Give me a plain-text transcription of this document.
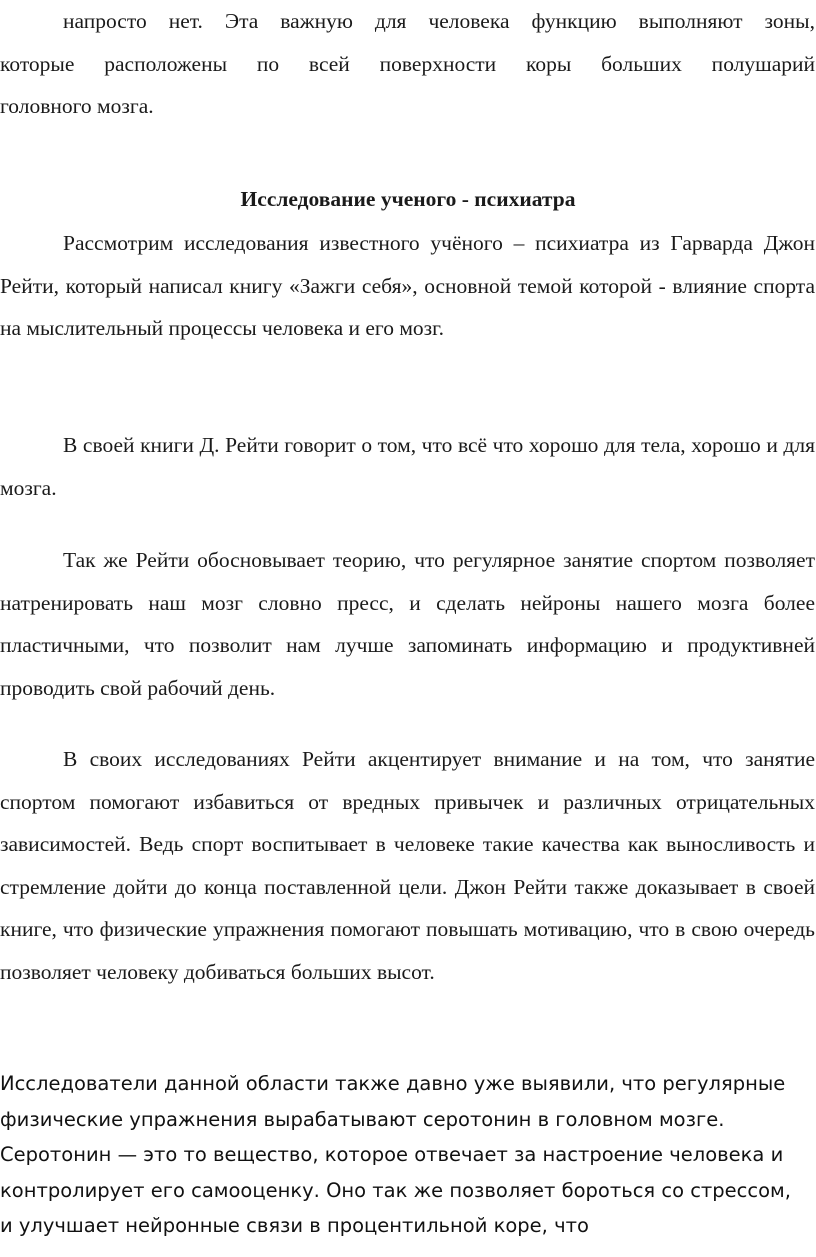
напросто нет. Эта важную для человека функцию выполняют зоны,
которые расположены по всей поверхности коры больших полушарий
головного мозга.
Исследование ученого - психиатра

Рассмотрим исследования известного учёного – психиатра из Гарварда Джон Рейти, который написал книгу «Зажги себя», основной темой которой - влияние спорта на мыслительный процессы человека и его мозг.

В своей книги Д. Рейти говорит о том, что всё что хорошо для тела, хорошо и для мозга.

Так же Рейти обосновывает теорию, что регулярное занятие спортом позволяет натренировать наш мозг словно пресс, и сделать нейроны нашего мозга более пластичными, что позволит нам лучше запоминать информацию и продуктивней проводить свой рабочий день.

В своих исследованиях Рейти акцентирует внимание и на том, что занятие спортом помогают избавиться от вредных привычек и различных отрицательных зависимостей. Ведь спорт воспитывает в человеке такие качества как выносливость и стремление дойти до конца поставленной цели. Джон Рейти также доказывает в своей книге, что физические упражнения помогают повышать мотивацию, что в свою очередь позволяет человеку добиваться больших высот.

Исследователи данной области также давно уже выявили, что регулярные
физические упражнения вырабатывают серотонин в головном мозге.
Серотонин — это то вещество, которое отвечает за настроение человека и
контролирует его самооценку. Оно так же позволяет бороться со стрессом,
и улучшает нейронные связи в процентильной коре, что
